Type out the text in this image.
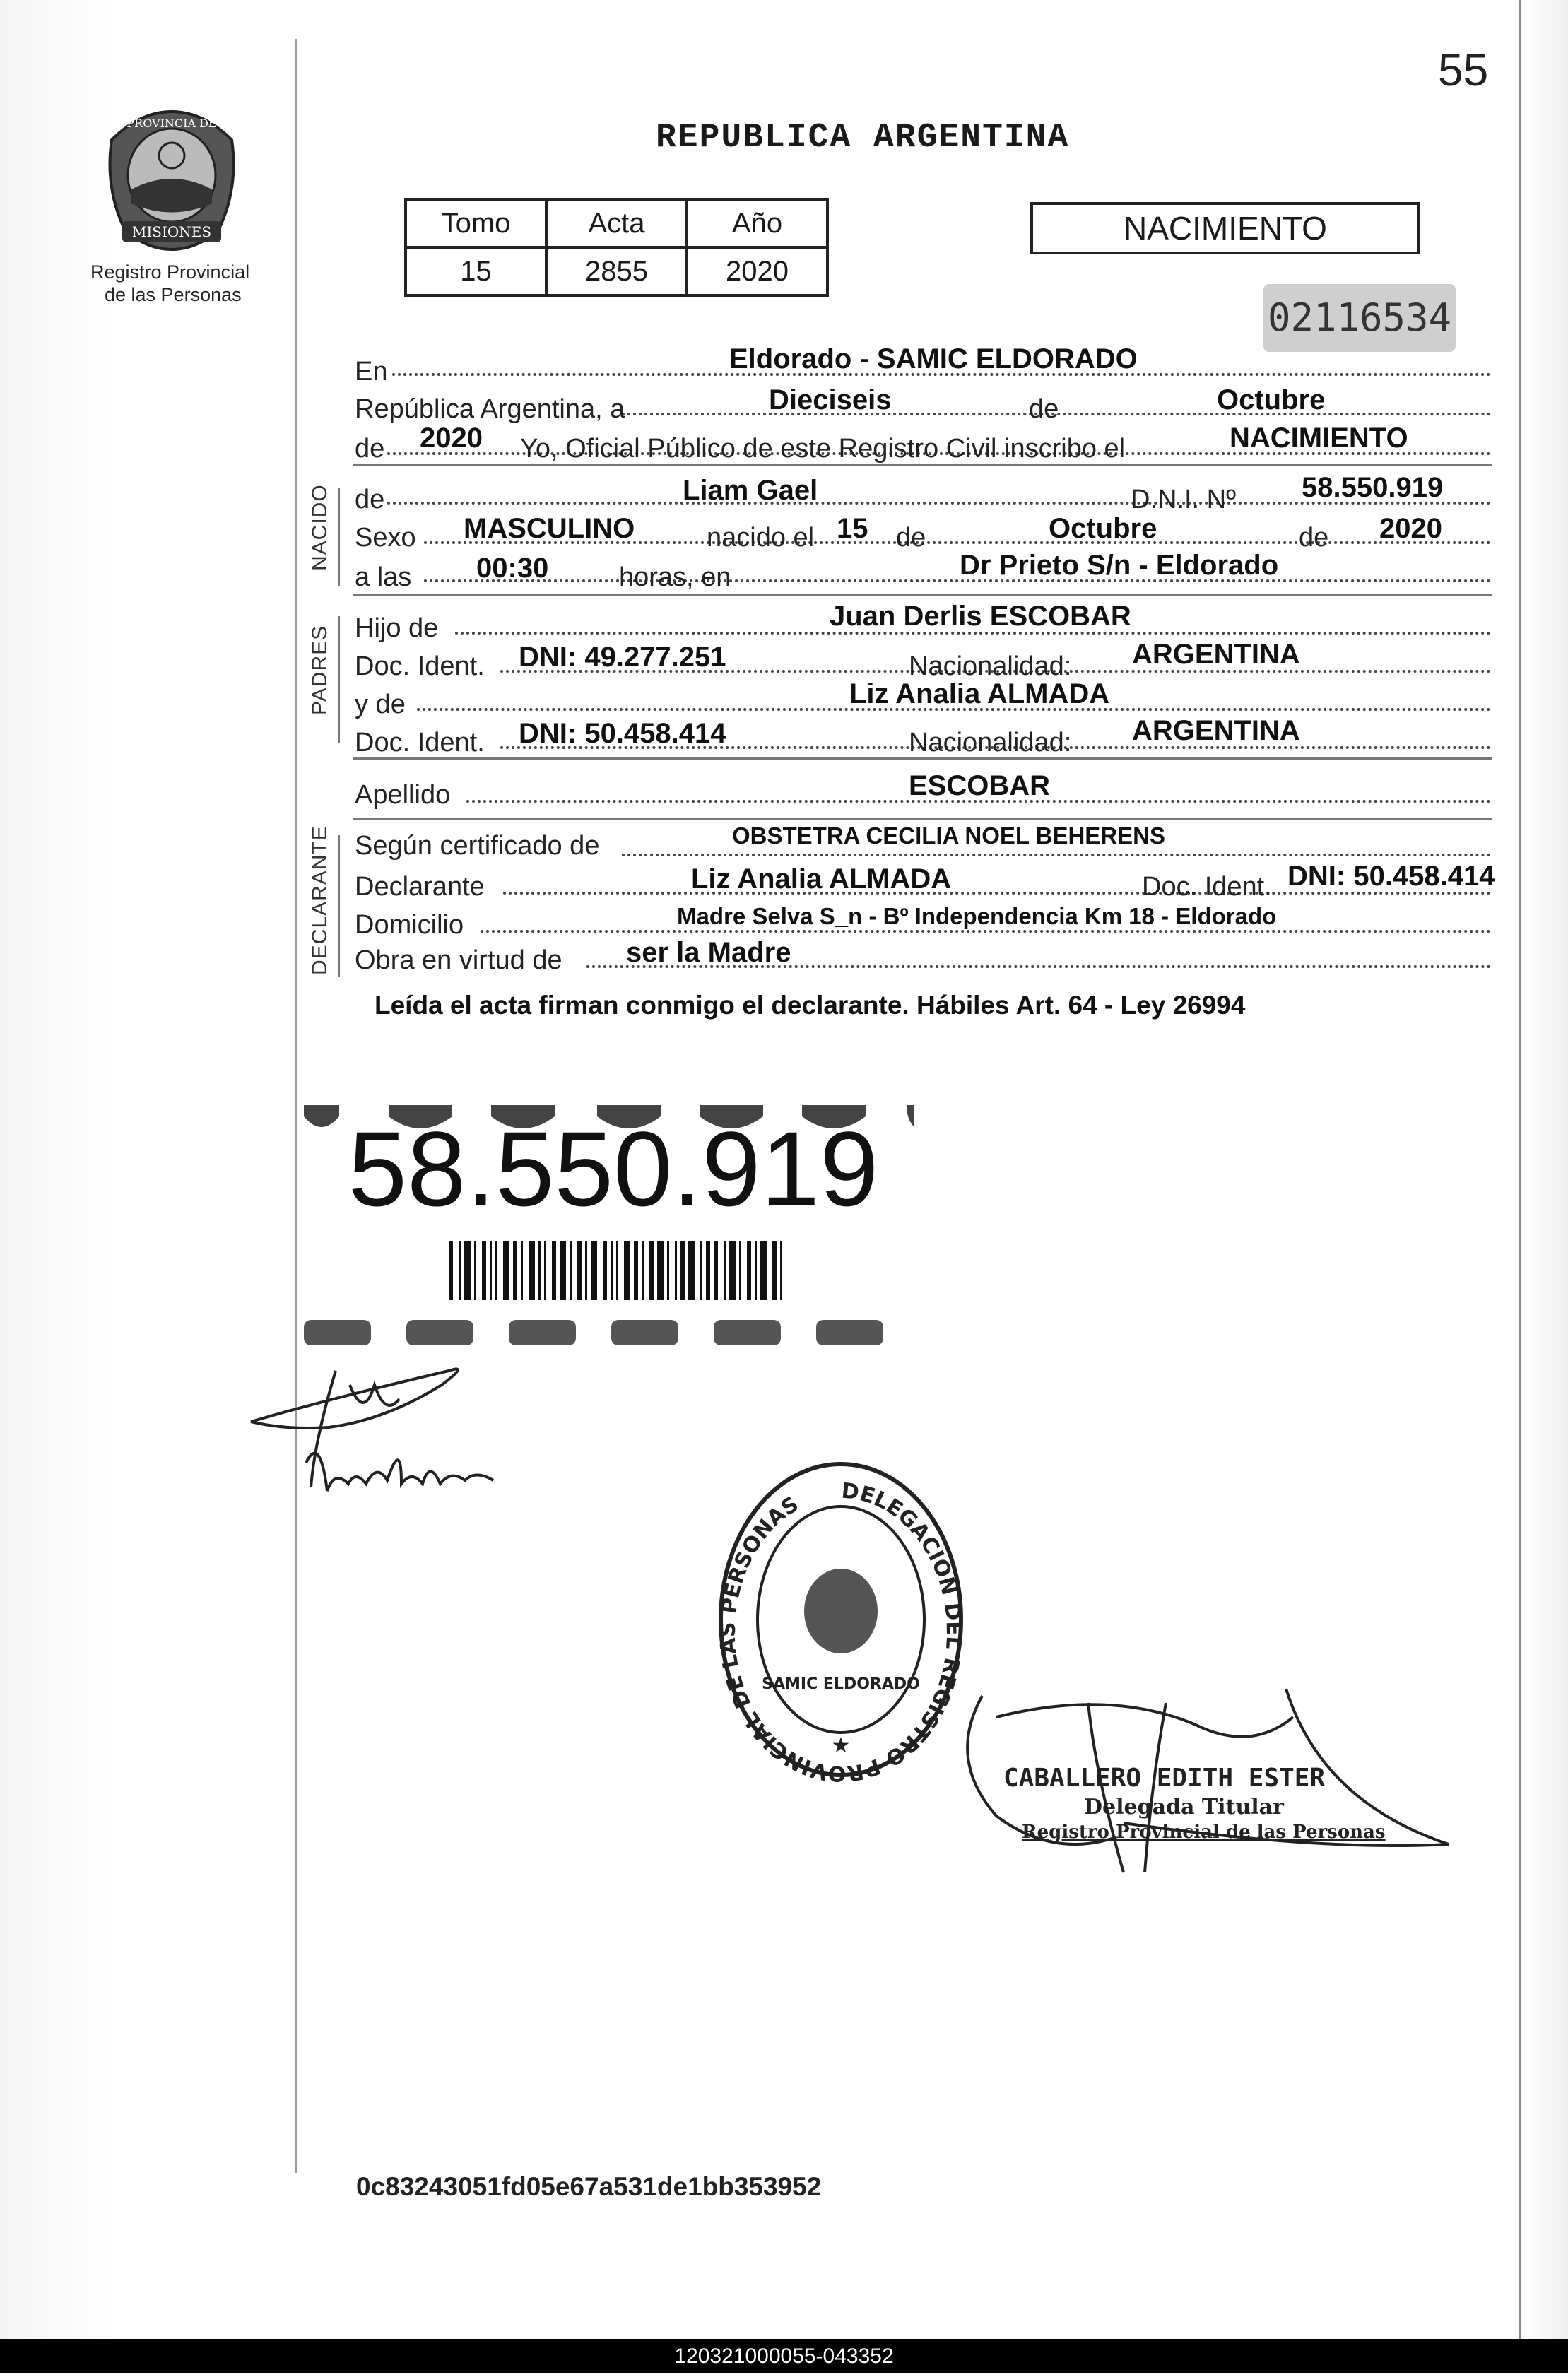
55
MISIONES
PROVINCIA DE
Registro Provincial
de las Personas
REPUBLICA ARGENTINA
Tomo	Acta	Año
15	2855	2020
NACIMIENTO
02116534
En	Eldorado - SAMIC ELDORADO
República Argentina, a	Dieciseis	de	Octubre
de 2020 Yo, Oficial Público de este Registro Civil inscribo el	NACIMIENTO
NACIDO de	Liam Gael	D.N.I. Nº 58.550.919
Sexo MASCULINO	nacido el 15 de	Octubre	de 2020
a las 00:30	horas, en	Dr Prieto S/n - Eldorado
PADRES Hijo de	Juan Derlis ESCOBAR
Doc. Ident. DNI: 49.277.251	Nacionalidad: ARGENTINA
y de	Liz Analia ALMADA
Doc. Ident. DNI: 50.458.414	Nacionalidad: ARGENTINA
Apellido	ESCOBAR
DECLARANTE Según certificado de	OBSTETRA CECILIA NOEL BEHERENS
Declarante	Liz Analia ALMADA	Doc. Ident. DNI: 50.458.414
Domicilio	Madre Selva S_n - Bº Independencia Km 18 - Eldorado
Obra en virtud de ser la Madre
Leída el acta firman conmigo el declarante. Hábiles Art. 64 - Ley 26994
58.550.919
DELEGACION DEL REGISTRO PROVINCIAL DE LAS PERSONAS
SAMIC ELDORADO
★
CABALLERO EDITH ESTER
Delegada Titular
Registro Provincial de las Personas
0c83243051fd05e67a531de1bb353952
120321000055-043352
